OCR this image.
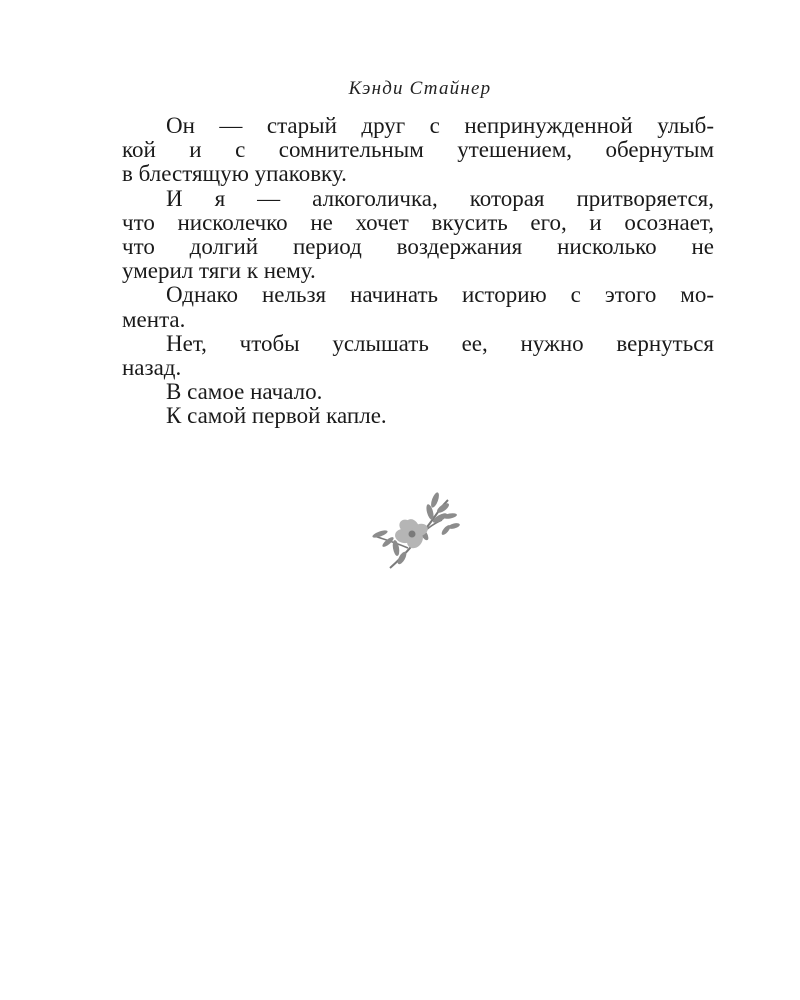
Кэнди Стайнер

Он — старый друг с непринужденной улыб-
кой и с сомнительным утешением, обернутым
в блестящую упаковку.

И я — алкоголичка, которая притворяется,
что нисколечко не хочет вкусить его, и осознает,
что долгий период воздержания нисколько не
умерил тяги к нему.

Однако нельзя начинать историю с этого мо-
мента.

Нет, чтобы услышать ее, нужно вернуться
назад.

В самое начало.

К самой первой капле.
